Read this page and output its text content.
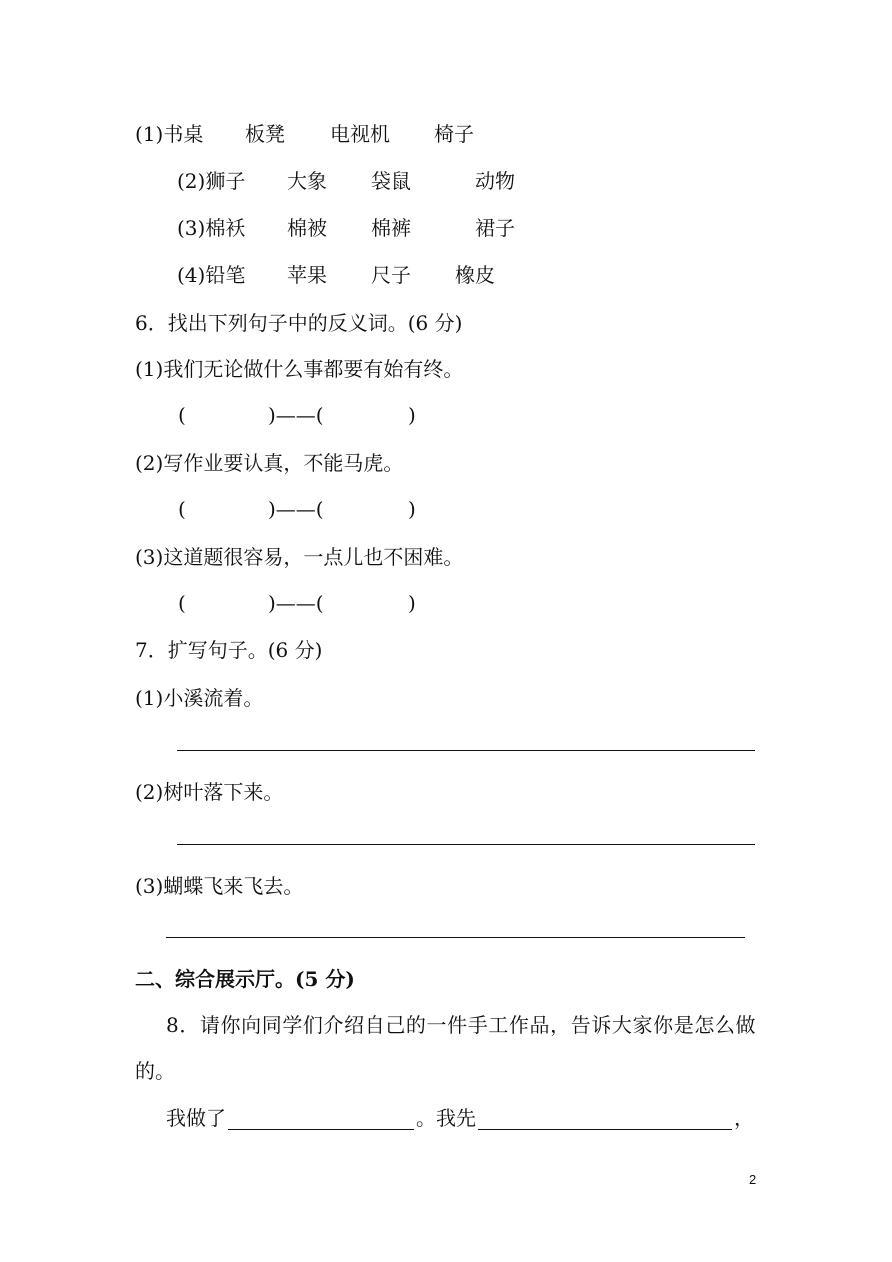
(1)书桌 板凳 电视机 椅子
(2)狮子 大象 袋鼠	动物
(3)棉袄 棉被 棉裤	裙子
(4)铅笔 苹果 尺子 橡皮
6．找出下列句子中的反义词。(6 分)
(1)我们无论做什么事都要有始有终。
(	)——(	)
(2)写作业要认真，不能马虎。
(	)——(	)
(3)这道题很容易，一点儿也不困难。
(	)——(	)
7．扩写句子。(6 分)
(1)小溪流着。
(2)树叶落下来。
(3)蝴蝶飞来飞去。
二、综合展示厅。(5 分)
8．请你向同学们介绍自己的一件手工作品，告诉大家你是怎么做
的。
我做了	。我先	，
2
